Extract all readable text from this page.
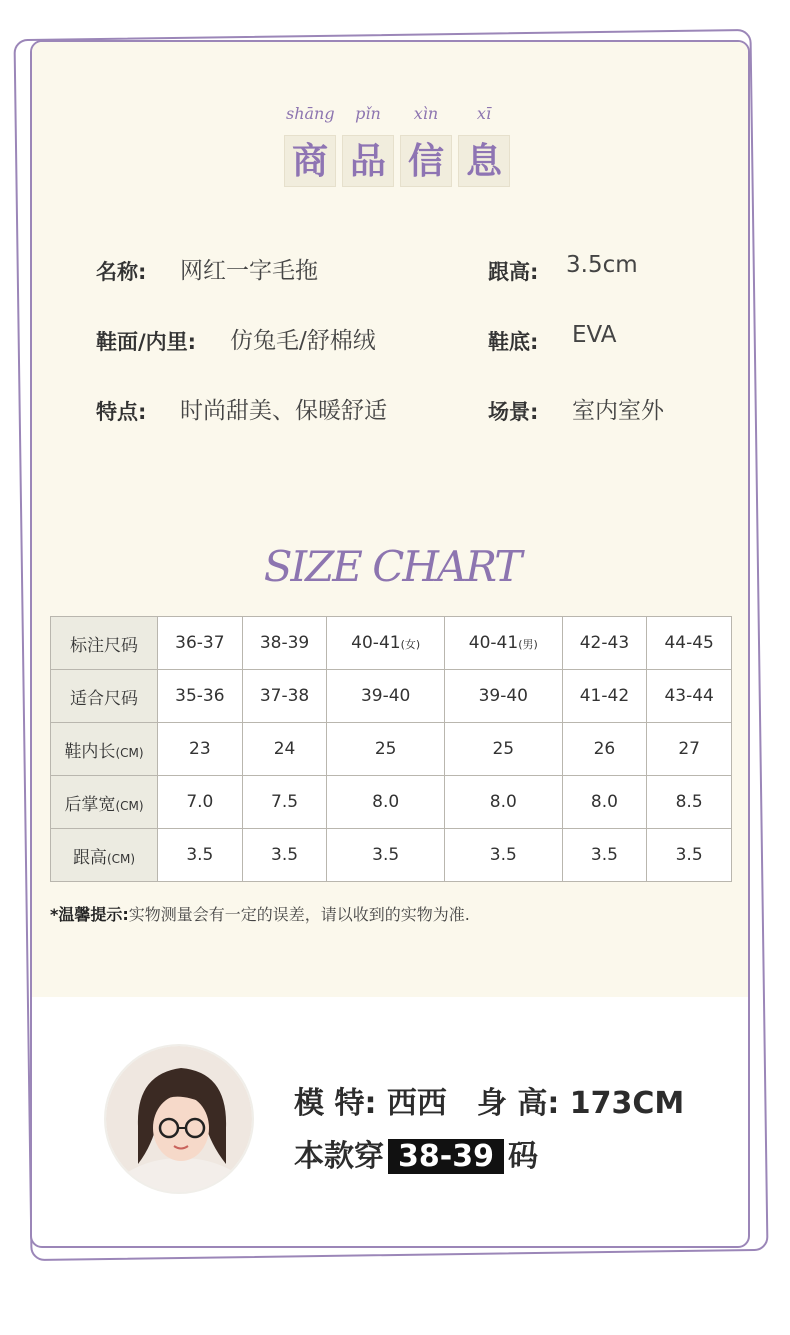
shāng	pǐn	xìn	xī
商 品 信 息
名称: 网红一字毛拖	跟高: 3.5cm
鞋面/内里: 仿兔毛/舒棉绒	鞋底: EVA
特点: 时尚甜美、保暖舒适	场景: 室内室外
SIZE CHART
标注尺码	36-37	38-39	40-41(女)	40-41(男)	42-43	44-45
适合尺码	35-36	37-38	39-40	39-40	41-42	43-44
鞋内长(CM)	23	24	25	25	26	27
后掌宽(CM)	7.0	7.5	8.0	8.0	8.0	8.5
跟高(CM)	3.5	3.5	3.5	3.5	3.5	3.5
*温馨提示:实物测量会有一定的误差，请以收到的实物为准.
模 特: 西西 身 高: 173CM
本款穿 38-39 码
